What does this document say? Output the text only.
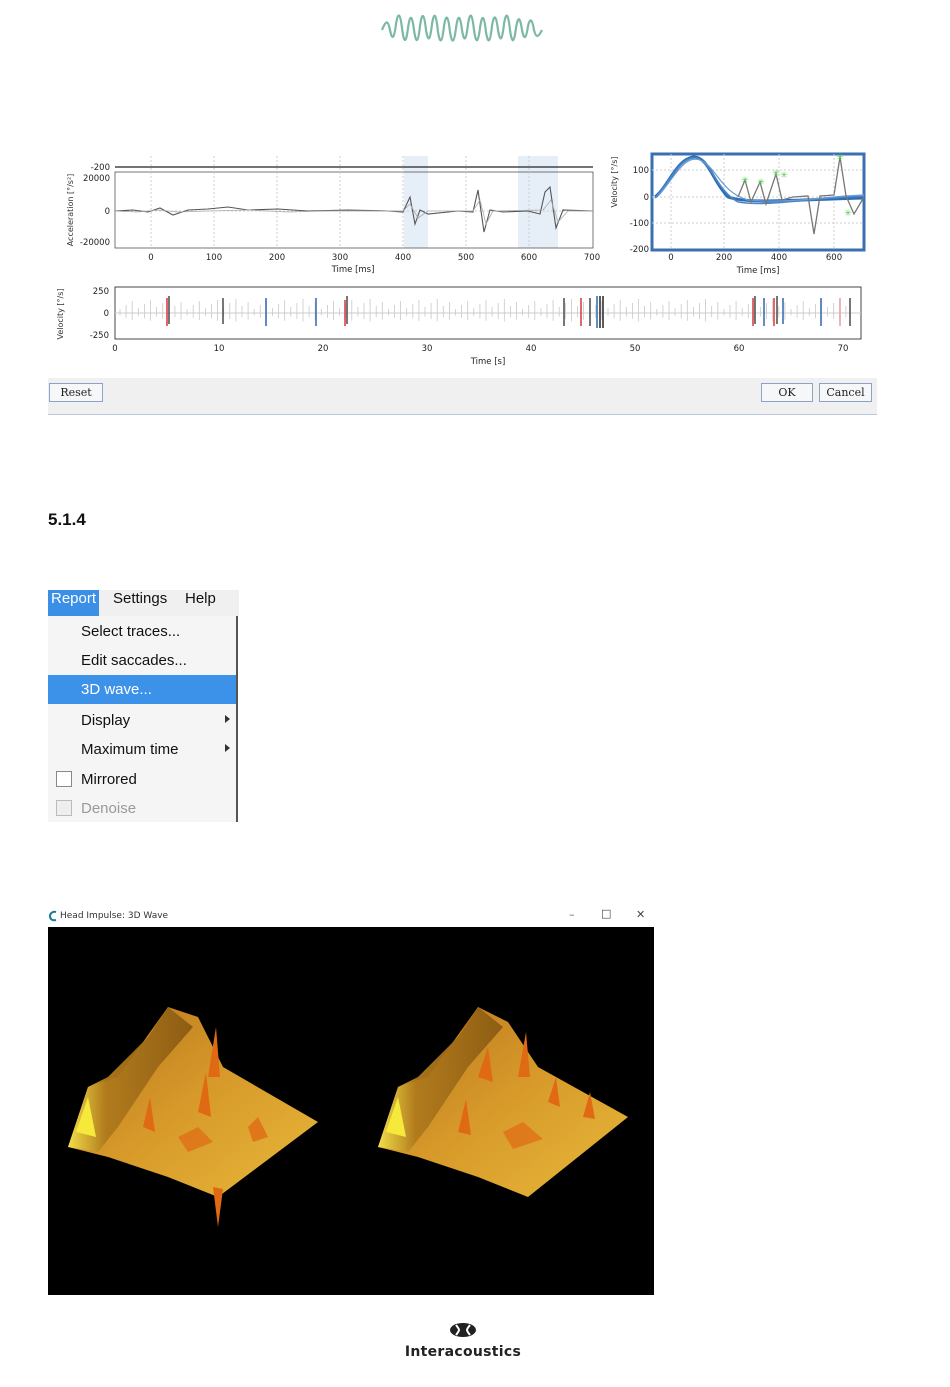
Acceleration [°/s²]
-200
20000
0
-20000
0	100	200	300	400	500	600	700
Time [ms]
✳ ✳
✳ ✳
✳
✳
Velocity [°/s] 100
0
-100
-200
0	200	400	600
Time [ms]
Velocity [°/s]	250
0
-250
0	10	20	30	40	50	60	70
Time [s]
Reset	OK	Cancel
5.1.4
Report Settings Help
Select traces...
Edit saccades...
3D wave...
Display
Maximum time
Mirrored
Denoise
Head Impulse: 3D Wave	– □ ✕
Interacoustics
